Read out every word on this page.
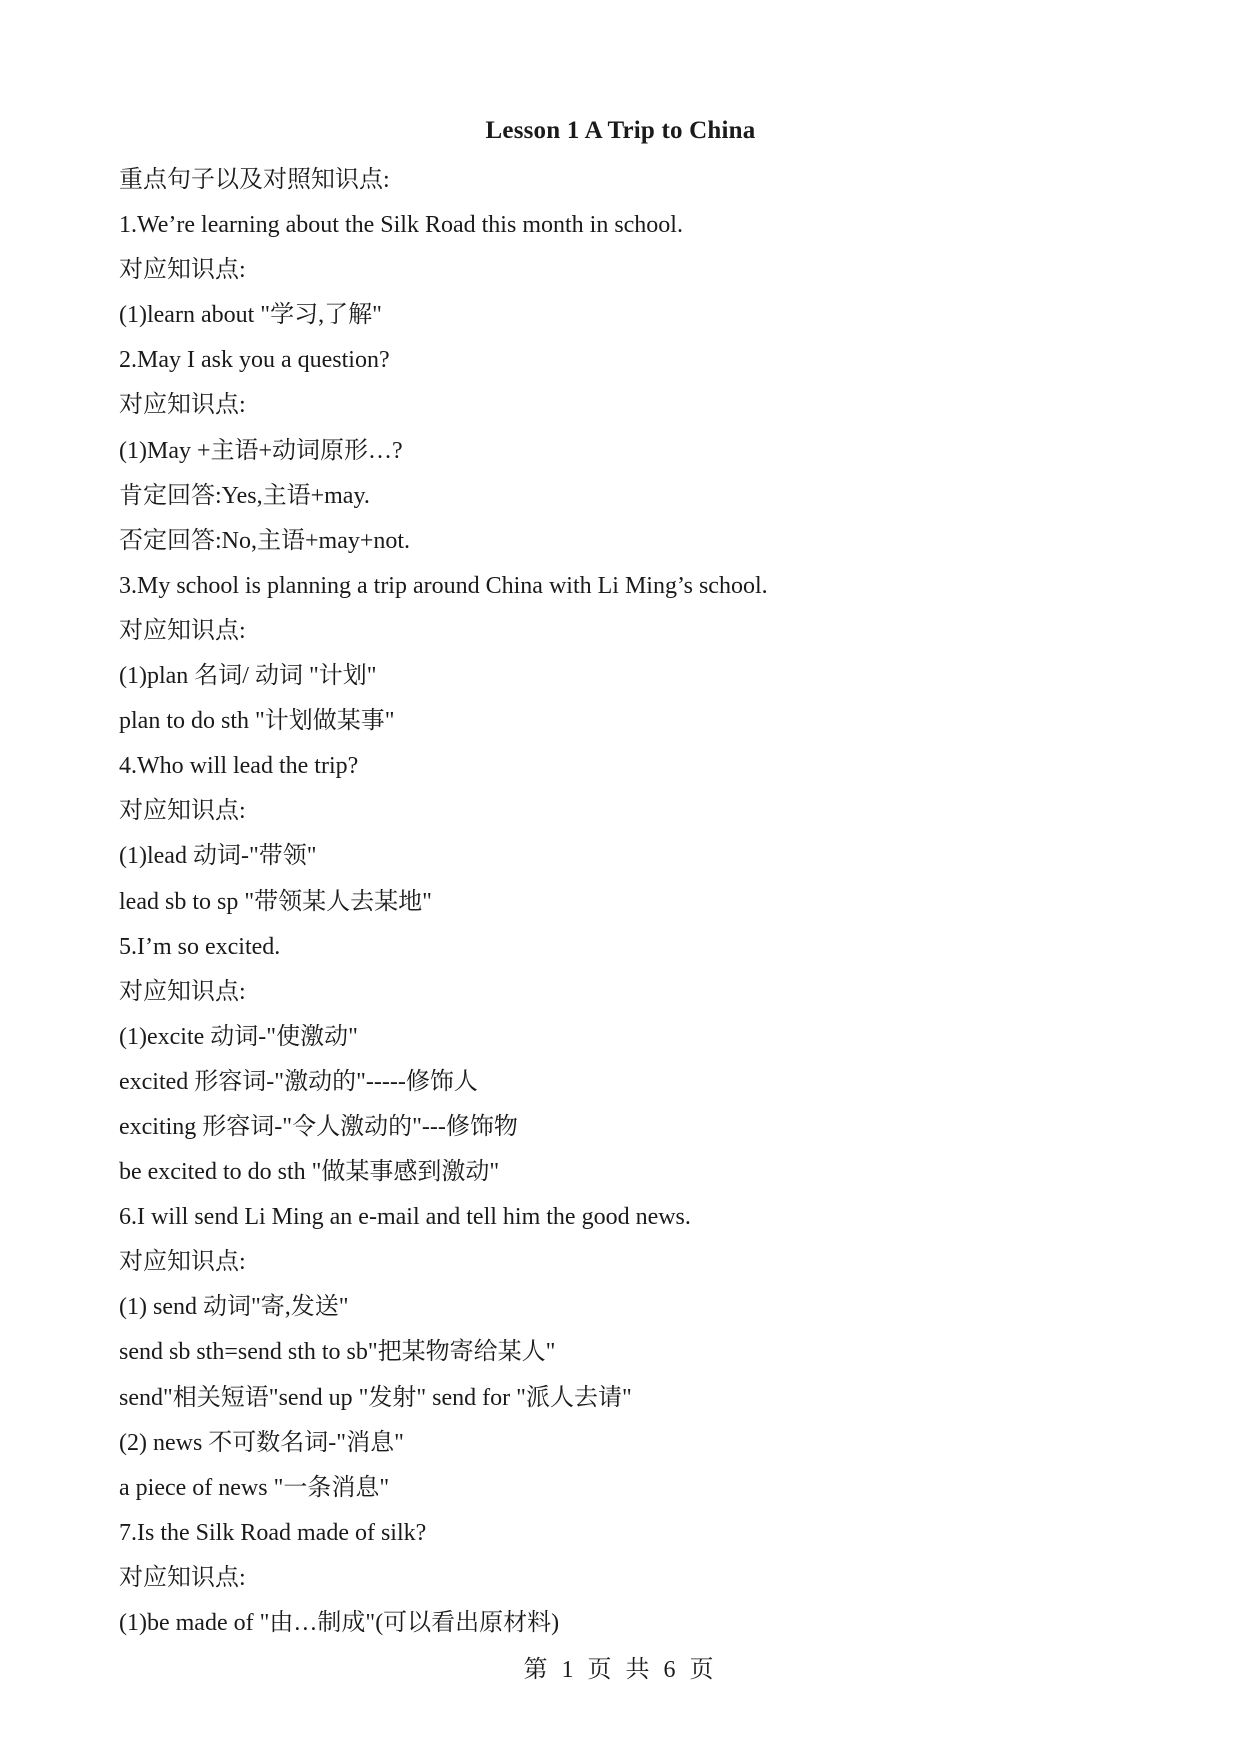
Lesson 1 A Trip to China
重点句子以及对照知识点:
1.We’re learning about the Silk Road this month in school.
对应知识点:
(1)learn about "学习,了解"
2.May I ask you a question?
对应知识点:
(1)May +主语+动词原形…?
肯定回答:Yes,主语+may.
否定回答:No,主语+may+not.
3.My school is planning a trip around China with Li Ming’s school.
对应知识点:
(1)plan 名词/ 动词 "计划"
plan to do sth "计划做某事"
4.Who will lead the trip?
对应知识点:
(1)lead 动词-"带领"
lead sb to sp "带领某人去某地"
5.I’m so excited.
对应知识点:
(1)excite 动词-"使激动"
excited 形容词-"激动的"-----修饰人
exciting 形容词-"令人激动的"---修饰物
be excited to do sth "做某事感到激动"
6.I will send Li Ming an e-mail and tell him the good news.
对应知识点:
(1) send 动词"寄,发送"
send sb sth=send sth to sb"把某物寄给某人"
send"相关短语"send up "发射" send for "派人去请"
(2) news 不可数名词-"消息"
a piece of news "一条消息"
7.Is the Silk Road made of silk?
对应知识点:
(1)be made of "由…制成"(可以看出原材料)
第 1 页 共 6 页
